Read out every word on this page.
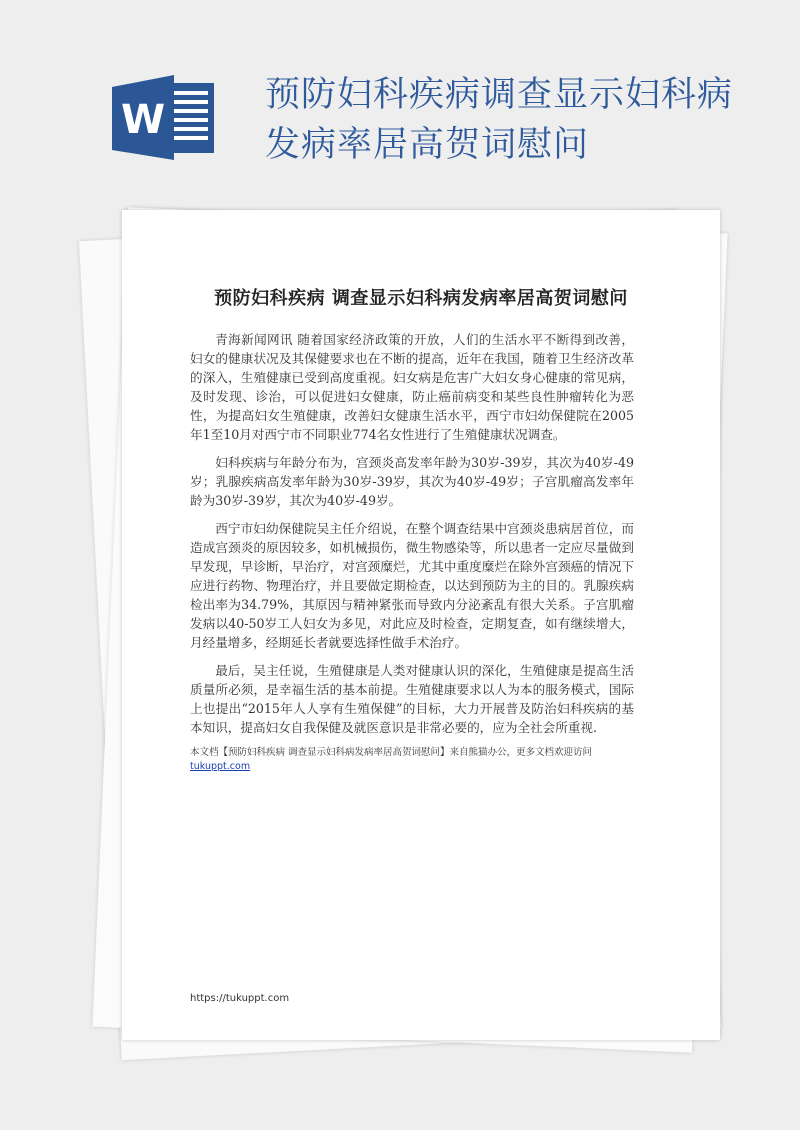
W
预防妇科疾病调查显示妇科病发病率居高贺词慰问
预防妇科疾病 调查显示妇科病发病率居高贺词慰问

青海新闻网讯 随着国家经济政策的开放，人们的生活水平不断得到改善，妇女的健康状况及其保健要求也在不断的提高，近年在我国，随着卫生经济改革的深入，生殖健康已受到高度重视。妇女病是危害广大妇女身心健康的常见病，及时发现、诊治，可以促进妇女健康，防止癌前病变和某些良性肿瘤转化为恶性，为提高妇女生殖健康，改善妇女健康生活水平，西宁市妇幼保健院在2005年1至10月对西宁市不同职业774名女性进行了生殖健康状况调查。

妇科疾病与年龄分布为，宫颈炎高发率年龄为30岁-39岁，其次为40岁-49岁；乳腺疾病高发率年龄为30岁-39岁，其次为40岁-49岁；子宫肌瘤高发率年龄为30岁-39岁，其次为40岁-49岁。

西宁市妇幼保健院吴主任介绍说，在整个调查结果中宫颈炎患病居首位，而造成宫颈炎的原因较多，如机械损伤，微生物感染等，所以患者一定应尽量做到早发现，早诊断，早治疗，对宫颈糜烂，尤其中重度糜烂在除外宫颈癌的情况下应进行药物、物理治疗，并且要做定期检查，以达到预防为主的目的。乳腺疾病检出率为34.79%，其原因与精神紧张而导致内分泌紊乱有很大关系。子宫肌瘤发病以40-50岁工人妇女为多见，对此应及时检查，定期复查，如有继续增大，月经量增多，经期延长者就要选择性做手术治疗。

最后，吴主任说，生殖健康是人类对健康认识的深化，生殖健康是提高生活质量所必须，是幸福生活的基本前提。生殖健康要求以人为本的服务模式，国际上也提出“2015年人人享有生殖保健”的目标，大力开展普及防治妇科疾病的基本知识，提高妇女自我保健及就医意识是非常必要的，应为全社会所重视.

本文档【预防妇科疾病 调查显示妇科病发病率居高贺词慰问】来自熊猫办公，更多文档欢迎访问
tukuppt.com
https://tukuppt.com
